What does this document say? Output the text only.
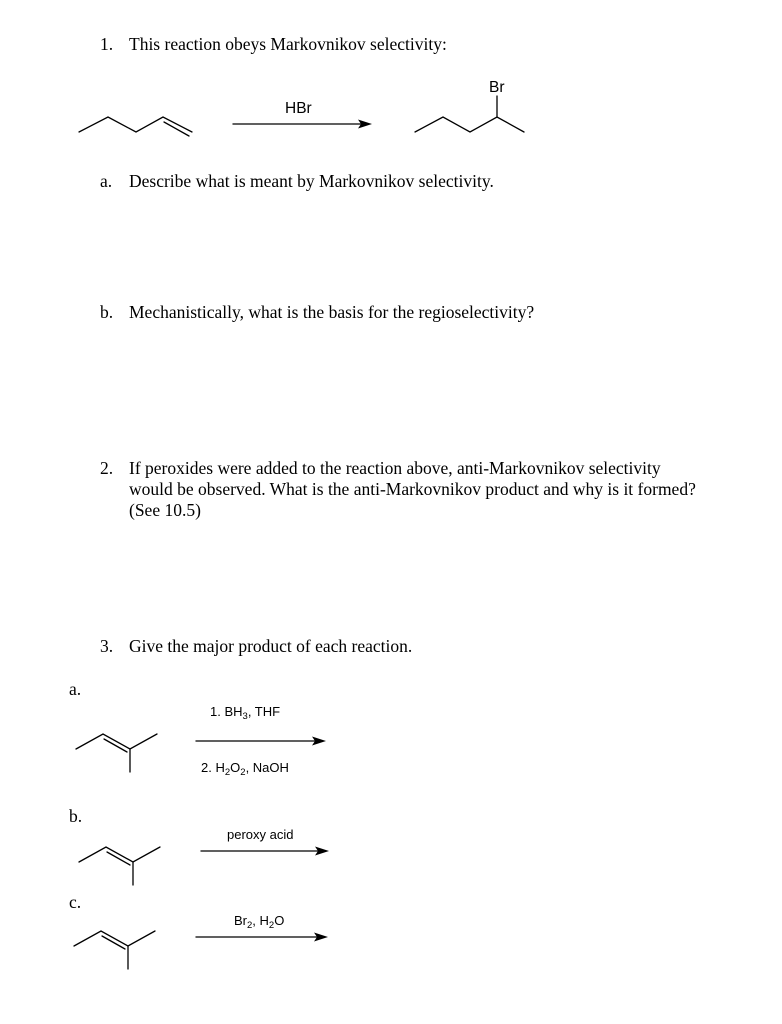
1. This reaction obeys Markovnikov selectivity:
HBr
Br
a. Describe what is meant by Markovnikov selectivity.
b. Mechanistically, what is the basis for the regioselectivity?
2. If peroxides were added to the reaction above, anti-Markovnikov selectivity
would be observed. What is the anti-Markovnikov product and why is it formed?
(See 10.5)
3. Give the major product of each reaction.
a.
1. $BH_3$, THF
2. $H_2O_2$, NaOH
b.
peroxy acid
c.
$Br_2$, $H_2O$
